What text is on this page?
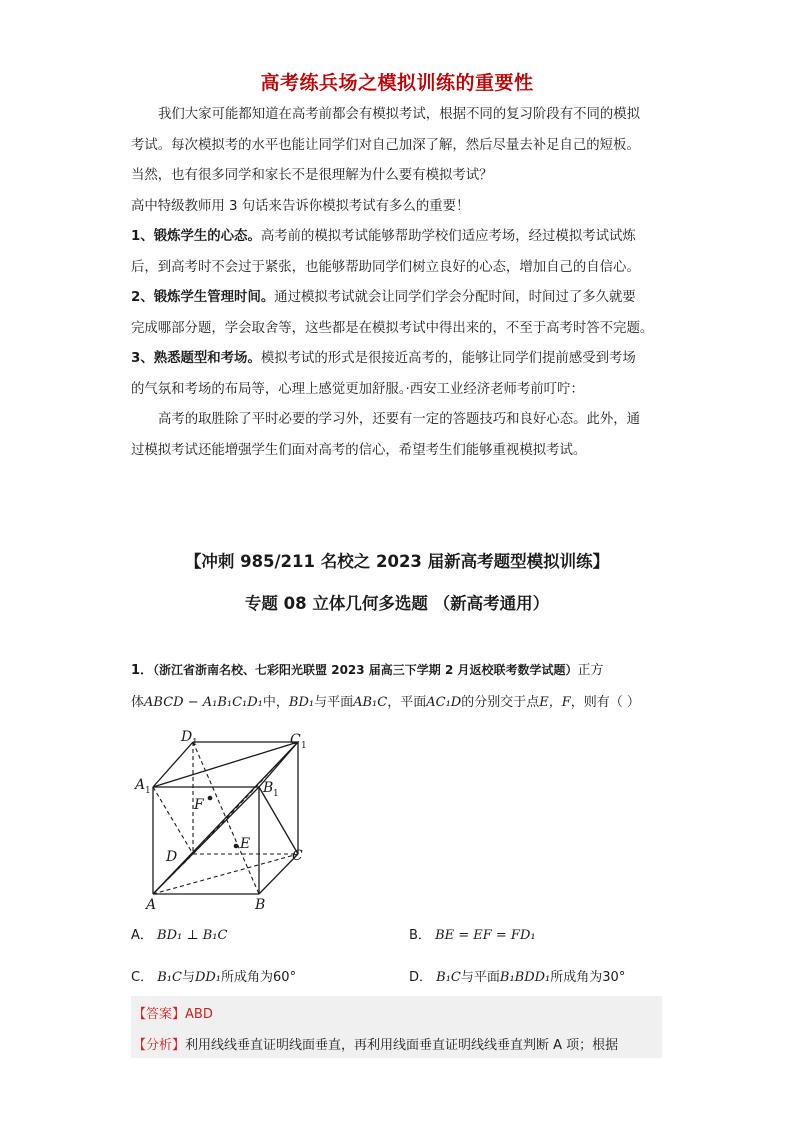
高考练兵场之模拟训练的重要性

我们大家可能都知道在高考前都会有模拟考试，根据不同的复习阶段有不同的模拟

考试。每次模拟考的水平也能让同学们对自己加深了解，然后尽量去补足自己的短板。

当然，也有很多同学和家长不是很理解为什么要有模拟考试？

高中特级教师用 3 句话来告诉你模拟考试有多么的重要！

1、锻炼学生的心态。高考前的模拟考试能够帮助学校们适应考场，经过模拟考试试炼

后，到高考时不会过于紧张，也能够帮助同学们树立良好的心态，增加自己的自信心。

2、锻炼学生管理时间。通过模拟考试就会让同学们学会分配时间，时间过了多久就要

完成哪部分题，学会取舍等，这些都是在模拟考试中得出来的，不至于高考时答不完题。

3、熟悉题型和考场。模拟考试的形式是很接近高考的，能够让同学们提前感受到考场

的气氛和考场的布局等，心理上感觉更加舒服。·西安工业经济老师考前叮咛：

高考的取胜除了平时必要的学习外，还要有一定的答题技巧和良好心态。此外，通

过模拟考试还能增强学生们面对高考的信心，希望考生们能够重视模拟考试。

【冲刺 985/211 名校之 2023 届新高考题型模拟训练】
专题 08 立体几何多选题 （新高考通用）

1．（浙江省浙南名校、七彩阳光联盟 2023 届高三下学期 2 月返校联考数学试题）正方

体ABCD − A₁B₁C₁D₁中，BD₁与平面AB₁C，平面AC₁D的分别交于点E，F，则有（ ）

D 1	C 1
A 1	B 1
F
E
D	C
A	B
A． BD₁ ⊥ B₁C	B． BE = EF = FD₁
C． B₁C与DD₁所成角为60°	D． B₁C与平面B₁BDD₁所成角为30°
【答案】ABD
【分析】利用线线垂直证明线面垂直，再利用线面垂直证明线线垂直判断 A 项；根据
